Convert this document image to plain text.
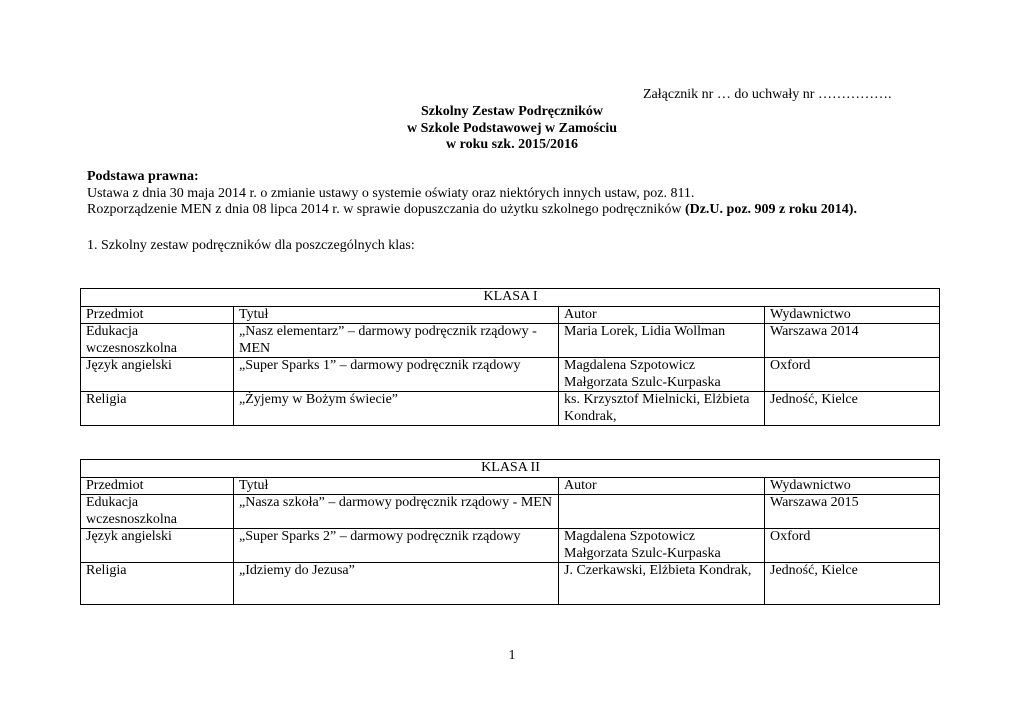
Załącznik nr … do uchwały nr …………….
Szkolny Zestaw Podręczników
w Szkole Podstawowej w Zamościu
w roku szk. 2015/2016
Podstawa prawna:
Ustawa z dnia 30 maja 2014 r. o zmianie ustawy o systemie oświaty oraz niektórych innych ustaw, poz. 811.
Rozporządzenie MEN z dnia 08 lipca 2014 r. w sprawie dopuszczania do użytku szkolnego podręczników (Dz.U. poz. 909 z roku 2014).
1. Szkolny zestaw podręczników dla poszczególnych klas:
KLASA I			
Przedmiot	Tytuł	Autor	Wydawnictwo
Edukacja wczesnoszkolna	„Nasz elementarz” – darmowy podręcznik rządowy - MEN	Maria Lorek, Lidia Wollman	Warszawa 2014
Język angielski	„Super Sparks 1” – darmowy podręcznik rządowy	Magdalena Szpotowicz Małgorzata Szulc-Kurpaska	Oxford
Religia	„Żyjemy w Bożym świecie”	ks. Krzysztof Mielnicki, Elżbieta Kondrak,	Jedność, Kielce
KLASA II			
Przedmiot	Tytuł	Autor	Wydawnictwo
Edukacja wczesnoszkolna	„Nasza szkoła” – darmowy podręcznik rządowy - MEN		Warszawa 2015
Język angielski	„Super Sparks 2” – darmowy podręcznik rządowy	Magdalena Szpotowicz Małgorzata Szulc-Kurpaska	Oxford
Religia	„Idziemy do Jezusa”	J. Czerkawski, Elżbieta Kondrak,	Jedność, Kielce
1
